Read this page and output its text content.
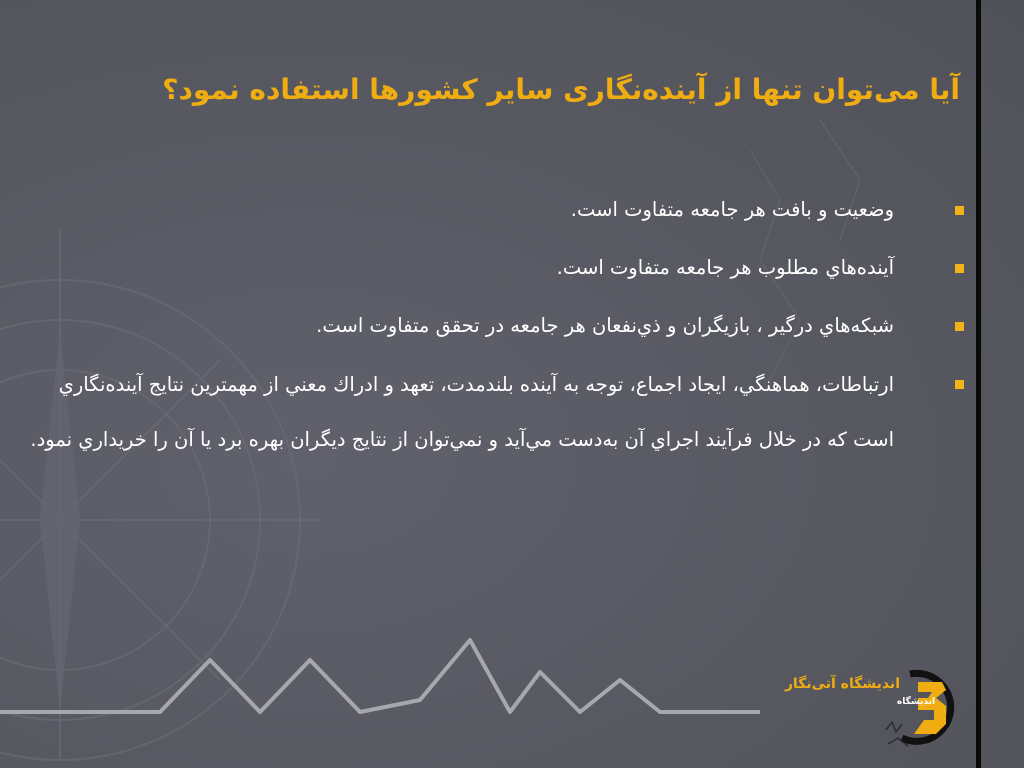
آیا می‌توان تنها از آینده‌نگاری سایر کشورها استفاده نمود؟
وضعیت و بافت هر جامعه متفاوت است.
آینده‌هاي مطلوب هر جامعه متفاوت است.
شبکه‌هاي درگير ، بازيگران و ذي‌نفعان هر جامعه در تحقق متفاوت است.
ارتباطات، هماهنگي، ايجاد اجماع، توجه به آينده بلندمدت، تعهد و ادراك معني از مهمترين نتايج آينده‌نگاري است که در خلال فرآيند اجراي آن به‌دست مي‌آيد و نمي‌توان از نتايج ديگران بهره برد يا آن را خريداري نمود.
اندیشگاه آتی‌نگار
اندیشگاه
